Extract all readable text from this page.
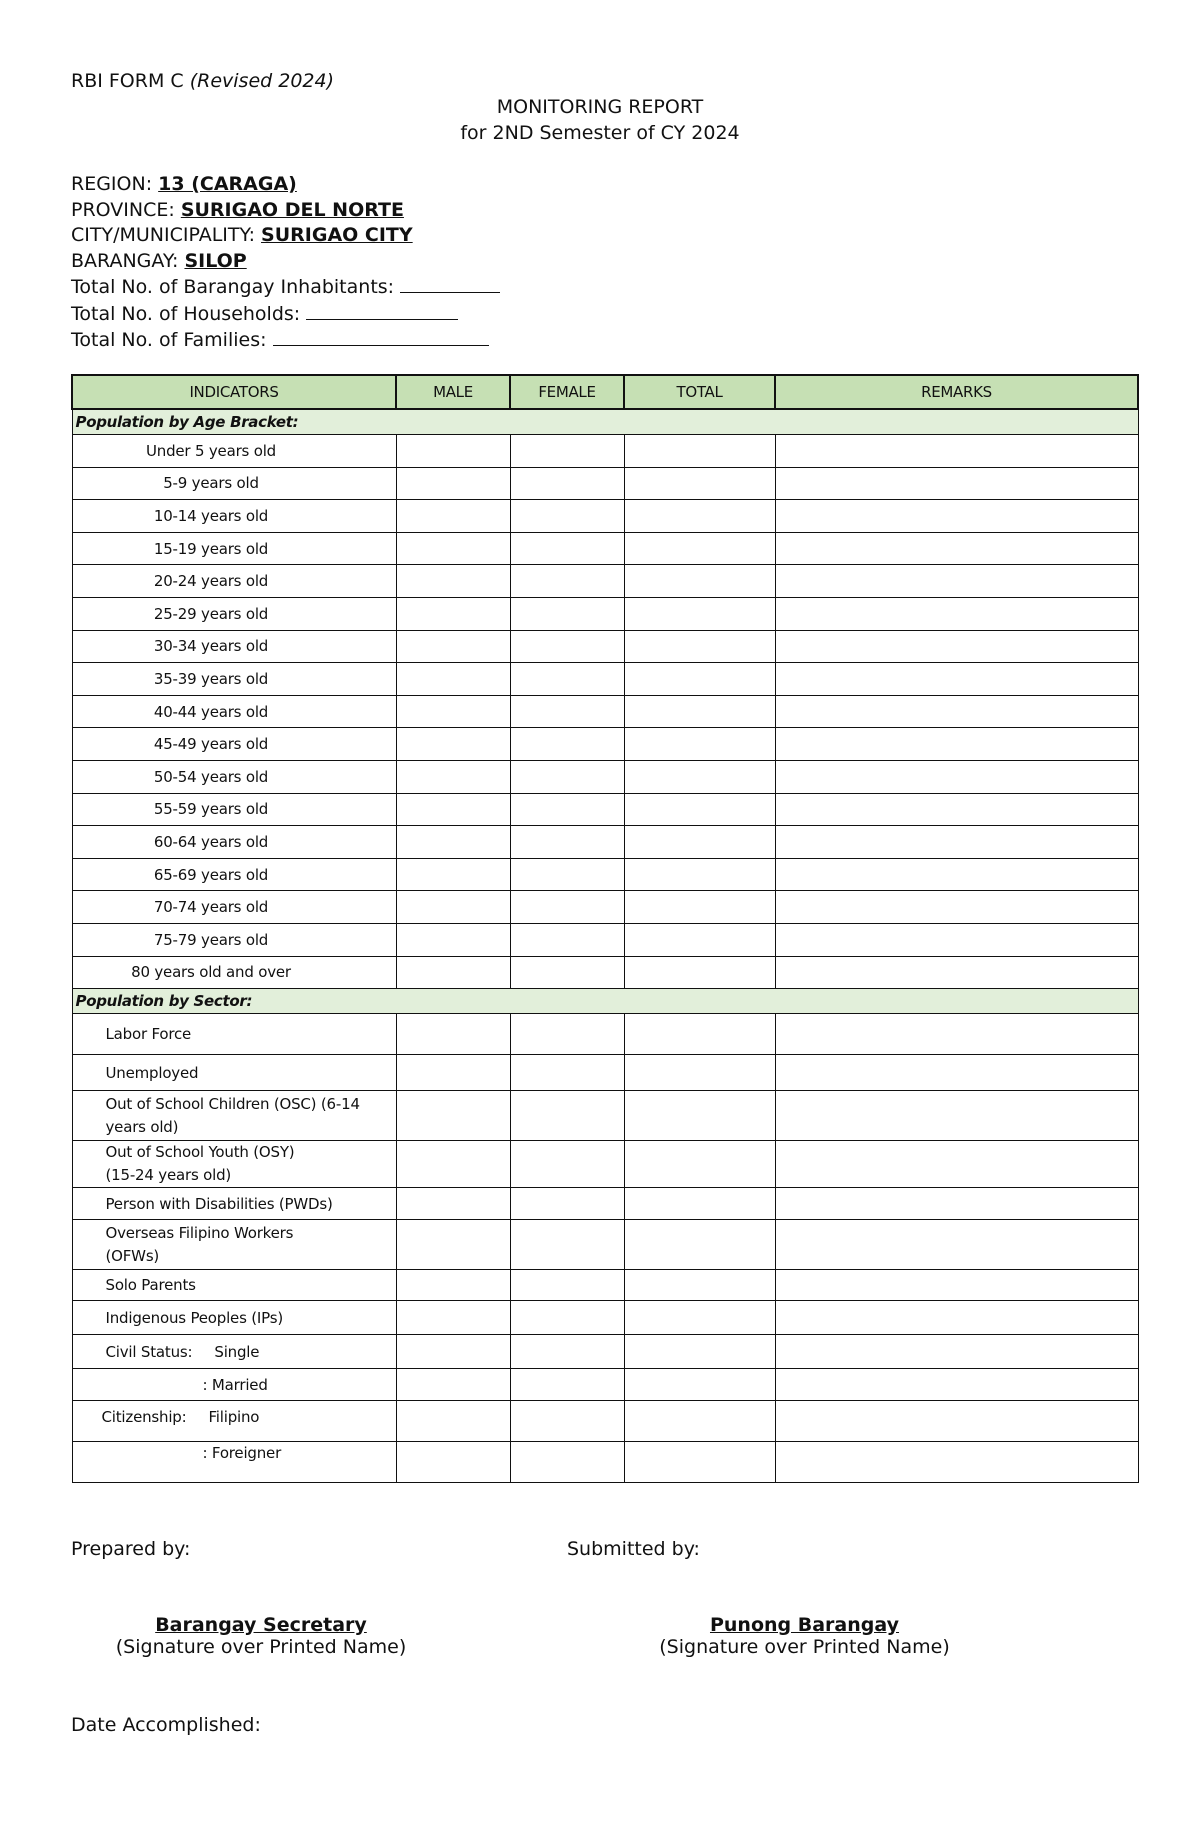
RBI FORM C (Revised 2024)
MONITORING REPORT
for 2ND Semester of CY 2024
REGION: 13 (CARAGA)
PROVINCE: SURIGAO DEL NORTE
CITY/MUNICIPALITY: SURIGAO CITY
BARANGAY: SILOP
Total No. of Barangay Inhabitants:
Total No. of Households:
Total No. of Families:
INDICATORS	MALE	FEMALE	TOTAL	REMARKS
Population by Age Bracket:				
Under 5 years old				
5-9 years old				
10-14 years old				
15-19 years old				
20-24 years old				
25-29 years old				
30-34 years old				
35-39 years old				
40-44 years old				
45-49 years old				
50-54 years old				
55-59 years old				
60-64 years old				
65-69 years old				
70-74 years old				
75-79 years old				
80 years old and over				
Population by Sector:				
Labor Force				
Unemployed				

Out of School Children (OSC) (6-14
years old)				

Out of School Youth (OSY)
(15-24 years old)				

Person with Disabilities (PWDs)				

Overseas Filipino Workers
(OFWs)				

Solo Parents				
Indigenous Peoples (IPs)				
Civil Status: Single				
: Married				
Citizenship: Filipino				
: Foreigner				
Prepared by:	Submitted by:
Barangay Secretary
(Signature over Printed Name)
Punong Barangay
(Signature over Printed Name)
Date Accomplished:
